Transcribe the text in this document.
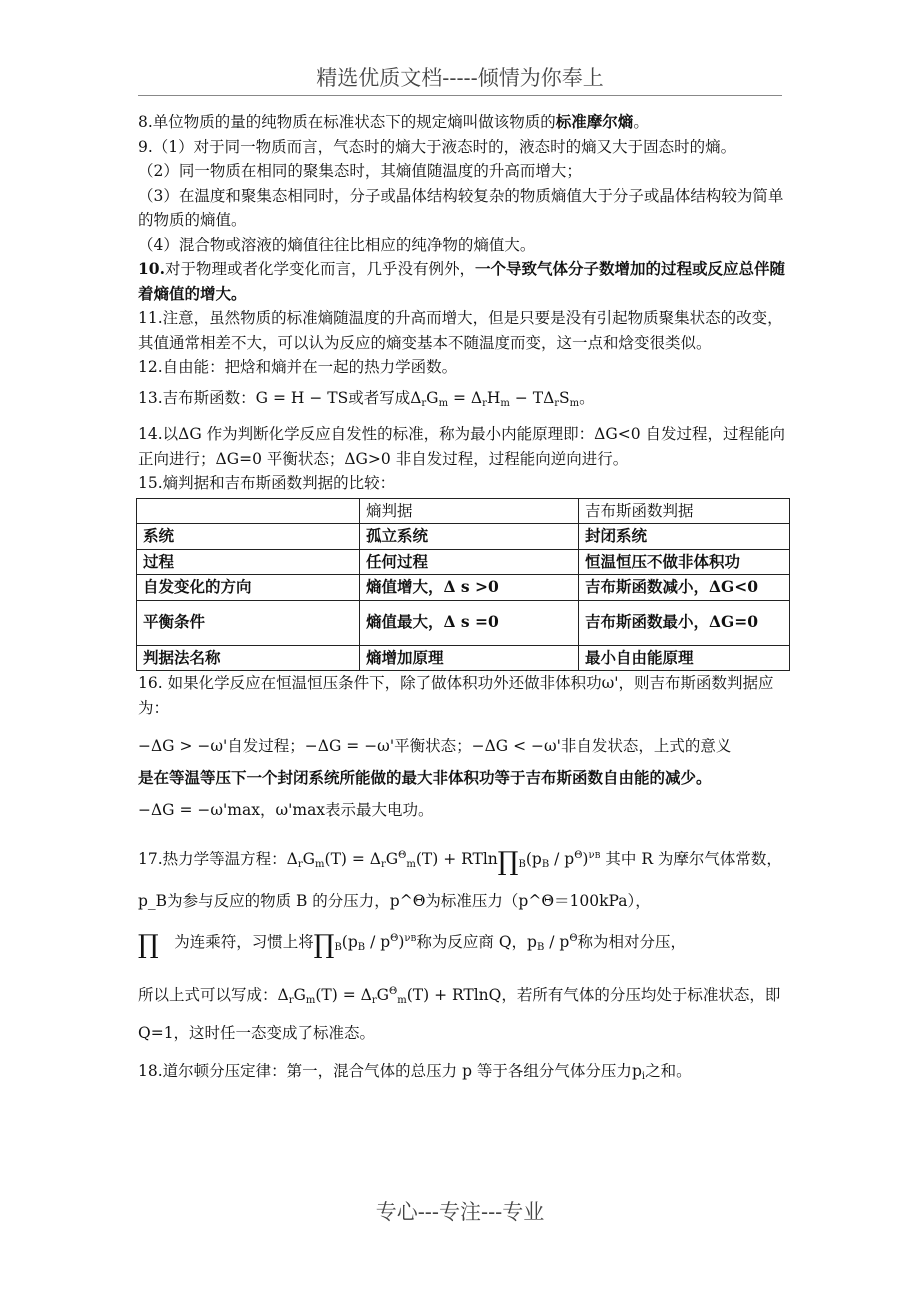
精选优质文档-----倾情为你奉上

8.单位物质的量的纯物质在标准状态下的规定熵叫做该物质的标准摩尔熵。

9.（1）对于同一物质而言，气态时的熵大于液态时的，液态时的熵又大于固态时的熵。

（2）同一物质在相同的聚集态时，其熵值随温度的升高而增大；

（3）在温度和聚集态相同时，分子或晶体结构较复杂的物质熵值大于分子或晶体结构较为简单的物质的熵值。

（4）混合物或溶液的熵值往往比相应的纯净物的熵值大。

10.对于物理或者化学变化而言，几乎没有例外，一个导致气体分子数增加的过程或反应总伴随着熵值的增大。

11.注意，虽然物质的标准熵随温度的升高而增大，但是只要是没有引起物质聚集状态的改变，其值通常相差不大，可以认为反应的熵变基本不随温度而变，这一点和焓变很类似。

12.自由能：把焓和熵并在一起的热力学函数。

13.吉布斯函数：G = H − TS或者写成$\Delta_rG_m = \Delta_rH_m - T\Delta_rS_m$。

14.以ΔG 作为判断化学反应自发性的标准，称为最小内能原理即：ΔG<0 自发过程，过程能向正向进行；ΔG=0 平衡状态；ΔG>0 非自发过程，过程能向逆向进行。

15.熵判据和吉布斯函数判据的比较：

	熵判据	吉布斯函数判据
系统	孤立系统	封闭系统
过程	任何过程	恒温恒压不做非体积功
自发变化的方向	熵值增大，Δ s >0	吉布斯函数减小，ΔG<0
平衡条件	熵值最大，Δ s =0	吉布斯函数最小，ΔG=0
判据法名称	熵增加原理	最小自由能原理

16. 如果化学反应在恒温恒压条件下，除了做体积功外还做非体积功ω'，则吉布斯函数判据应为：

−ΔG > −ω'自发过程；−ΔG = −ω'平衡状态；−ΔG < −ω'非自发状态，上式的意义

是在等温等压下一个封闭系统所能做的最大非体积功等于吉布斯函数自由能的减少。

−ΔG = −ω'max，ω'max表示最大电功。

17.热力学等温方程：$\Delta_rG_m(T) = \Delta_rG^\Theta_m(T)$ + $RTln\prod_B(p_B / p^\Theta)^{\nu B}$ 其中 R 为摩尔气体常数，

p_B为参与反应的物质 B 的分压力，p^Θ为标准压力（p^Θ＝100kPa），

∏　 为连乘符，习惯上将$\prod_B(p_B / p^\Theta)^{\nu B}$称为反应商 Q，$p_B / p^\Theta$称为相对分压，

所以上式可以写成：$\Delta_rG_m(T) = \Delta_rG^\Theta_m(T) + RTlnQ$，若所有气体的分压均处于标准状态，即 Q=1，这时任一态变成了标准态。

18.道尔顿分压定律：第一，混合气体的总压力 p 等于各组分气体分压力$p_i$之和。

专心---专注---专业
